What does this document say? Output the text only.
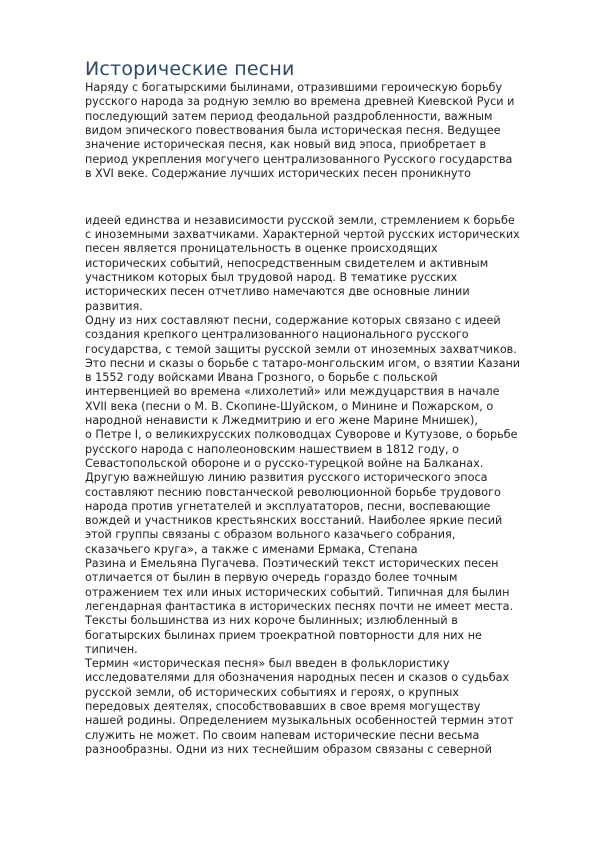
Исторические песни
Наряду с богатырскими былинами, отразившими героическую борьбу
русского народа за родную землю во времена древней Киевской Руси и
последующий затем период феодальной раздробленности, важным
видом эпического повествования была историческая песня. Ведущее
значение историческая песня, как новый вид эпоса, приобретает в
период укрепления могучего централизованного Русского государства
в XVI веке. Содержание лучших исторических песен проникнуто
идеей единства и независимости русской земли, стремлением к борьбе
с иноземными захватчиками. Характерной чертой русских исторических
песен является проницательность в оценке происходящих
исторических событий, непосредственным свидетелем и активным
участником которых был трудовой народ. В тематике русских
исторических песен отчетливо намечаются две основные линии
развития.
Одну из них составляют песни, содержание которых связано с идеей
создания крепкого централизованного национального русского
государства, с темой защиты русской земли от иноземных захватчиков.
Это песни и сказы о борьбе с татаро-монгольским игом, о взятии Казани
в 1552 году войсками Ивана Грозного, о борьбе с польской
интервенцией во времена «лихолетий» или междуцарствия в начале
XVII века (песни о М. В. Скопине-Шуйском, о Минине и Пожарском, о
народной ненависти к Лжедмитрию и его жене Марине Мнишек),
о Петре I, о великихрусских полководцах Суворове и Кутузове, о борьбе
русского народа с наполеоновским нашествием в 1812 году, о
Севастопольской обороне и о русско-турецкой войне на Балканах.
Другую важнейшую линию развития русского исторического эпоса
составляют песнию повстанческой революционной борьбе трудового
народа против угнетателей и эксплуататоров, песни, воспевающие
вождей и участников крестьянских восстаний. Наиболее яркие песий
этой группы связаны с образом вольного казачьего собрания,
сказачьего круга», а также с именами Ермака, Степана
Разина и Емельяна Пугачева. Поэтический текст исторических песен
отличается от былин в первую очередь гораздо более точным
отражением тех или иных исторических событий. Типичная для былин
легендарная фантастика в исторических песнях почти не имеет места.
Тексты большинства из них короче былинных; излюбленный в
богатырских былинах прием троекратной повторности для них не
типичен.
Термин «историческая песня» был введен в фольклористику
исследователями для обозначения народных песен и сказов о судьбах
русской земли, об исторических событиях и героях, о крупных
передовых деятелях, способствовавших в свое время могуществу
нашей родины. Определением музыкальных особенностей термин этот
служить не может. По своим напевам исторические песни весьма
разнообразны. Одни из них теснейшим образом связаны с северной
